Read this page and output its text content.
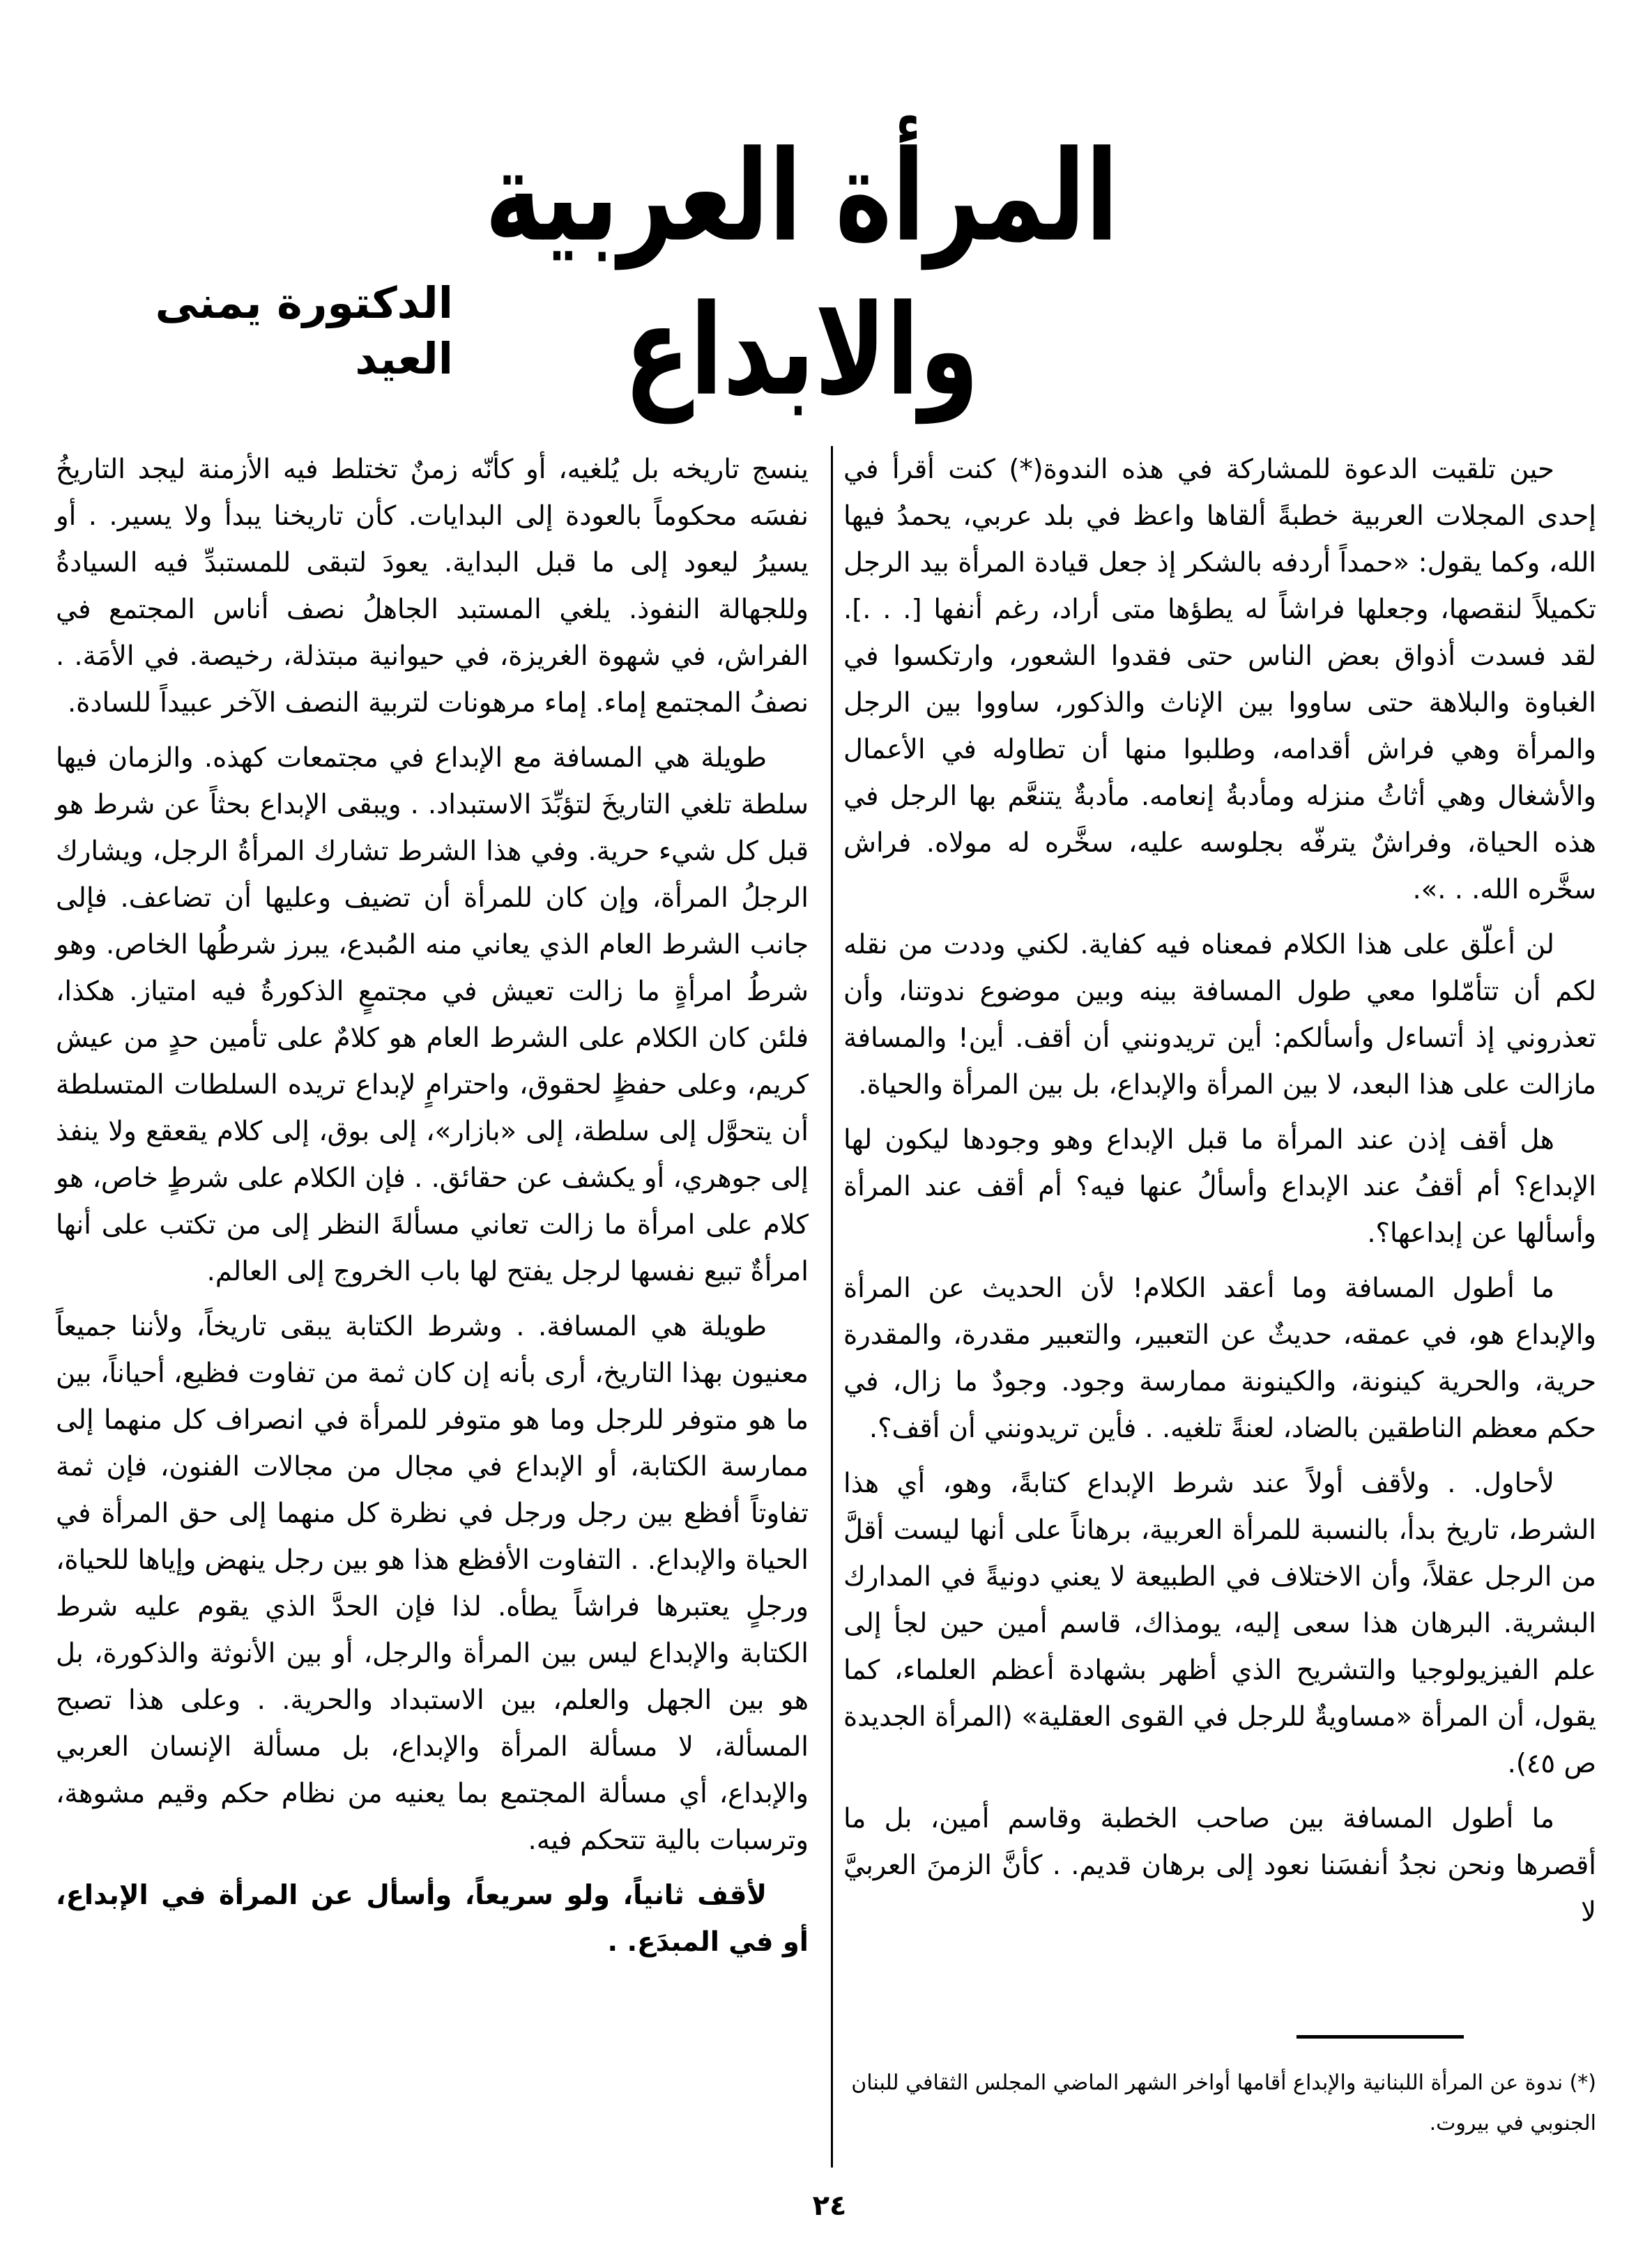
المرأة العربية والابداع
الدكتورة يمنى العيد

حين تلقيت الدعوة للمشاركة في هذه الندوة(*) كنت أقرأ في إحدى المجلات العربية خطبةً ألقاها واعظ في بلد عربي، يحمدُ فيها الله، وكما يقول: «حمداً أردفه بالشكر إذ جعل قيادة المرأة بيد الرجل تكميلاً لنقصها، وجعلها فراشاً له يطؤها متى أراد، رغم أنفها [. . .]. لقد فسدت أذواق بعض الناس حتى فقدوا الشعور، وارتكسوا في الغباوة والبلاهة حتى ساووا بين الإناث والذكور، ساووا بين الرجل والمرأة وهي فراش أقدامه، وطلبوا منها أن تطاوله في الأعمال والأشغال وهي أثاثُ منزله ومأدبةُ إنعامه. مأدبةٌ يتنعَّم بها الرجل في هذه الحياة، وفراشٌ يترفّه بجلوسه عليه، سخَّره له مولاه. فراش سخَّره الله. . .».

لن أعلّق على هذا الكلام فمعناه فيه كفاية. لكني وددت من نقله لكم أن تتأمّلوا معي طول المسافة بينه وبين موضوع ندوتنا، وأن تعذروني إذ أتساءل وأسألكم: أين تريدونني أن أقف. أين! والمسافة مازالت على هذا البعد، لا بين المرأة والإبداع، بل بين المرأة والحياة.

هل أقف إذن عند المرأة ما قبل الإبداع وهو وجودها ليكون لها الإبداع؟ أم أقفُ عند الإبداع وأسألُ عنها فيه؟ أم أقف عند المرأة وأسألها عن إبداعها؟.

ما أطول المسافة وما أعقد الكلام! لأن الحديث عن المرأة والإبداع هو، في عمقه، حديثٌ عن التعبير، والتعبير مقدرة، والمقدرة حرية، والحرية كينونة، والكينونة ممارسة وجود. وجودٌ ما زال، في حكم معظم الناطقين بالضاد، لعنةً تلغيه. . فأين تريدونني أن أقف؟.

لأحاول. . ولأقف أولاً عند شرط الإبداع كتابةً، وهو، أي هذا الشرط، تاريخ بدأ، بالنسبة للمرأة العربية، برهاناً على أنها ليست أقلَّ من الرجل عقلاً، وأن الاختلاف في الطبيعة لا يعني دونيةً في المدارك البشرية. البرهان هذا سعى إليه، يومذاك، قاسم أمين حين لجأ إلى علم الفيزيولوجيا والتشريح الذي أظهر بشهادة أعظم العلماء، كما يقول، أن المرأة «مساويةٌ للرجل في القوى العقلية» (المرأة الجديدة ص ٤٥).

ما أطول المسافة بين صاحب الخطبة وقاسم أمين، بل ما أقصرها ونحن نجدُ أنفسَنا نعود إلى برهان قديم. . كأنَّ الزمنَ العربيَّ لا

ينسج تاريخه بل يُلغيه، أو كأنّه زمنٌ تختلط فيه الأزمنة ليجد التاريخُ نفسَه محكوماً بالعودة إلى البدايات. كأن تاريخنا يبدأ ولا يسير. . أو يسيرُ ليعود إلى ما قبل البداية. يعودَ لتبقى للمستبدِّ فيه السيادةُ وللجهالة النفوذ. يلغي المستبد الجاهلُ نصف أناس المجتمع في الفراش، في شهوة الغريزة، في حيوانية مبتذلة، رخيصة. في الأمَة. . نصفُ المجتمع إماء. إماء مرهونات لتربية النصف الآخر عبيداً للسادة.

طويلة هي المسافة مع الإبداع في مجتمعات كهذه. والزمان فيها سلطة تلغي التاريخَ لتؤبِّدَ الاستبداد. . ويبقى الإبداع بحثاً عن شرط هو قبل كل شيء حرية. وفي هذا الشرط تشارك المرأةُ الرجل، ويشارك الرجلُ المرأة، وإن كان للمرأة أن تضيف وعليها أن تضاعف. فإلى جانب الشرط العام الذي يعاني منه المُبدع، يبرز شرطُها الخاص. وهو شرطُ امرأةٍ ما زالت تعيش في مجتمعٍ الذكورةُ فيه امتياز. هكذا، فلئن كان الكلام على الشرط العام هو كلامٌ على تأمين حدٍ من عيش كريم، وعلى حفظٍ لحقوق، واحترامٍ لإبداع تريده السلطات المتسلطة أن يتحوَّل إلى سلطة، إلى «بازار»، إلى بوق، إلى كلام يقعقع ولا ينفذ إلى جوهري، أو يكشف عن حقائق. . فإن الكلام على شرطٍ خاص، هو كلام على امرأة ما زالت تعاني مسألةَ النظر إلى من تكتب على أنها امرأةٌ تبيع نفسها لرجل يفتح لها باب الخروج إلى العالم.

طويلة هي المسافة. . وشرط الكتابة يبقى تاريخاً، ولأننا جميعاً معنيون بهذا التاريخ، أرى بأنه إن كان ثمة من تفاوت فظيع، أحياناً، بين ما هو متوفر للرجل وما هو متوفر للمرأة في انصراف كل منهما إلى ممارسة الكتابة، أو الإبداع في مجال من مجالات الفنون، فإن ثمة تفاوتاً أفظع بين رجل ورجل في نظرة كل منهما إلى حق المرأة في الحياة والإبداع. . التفاوت الأفظع هذا هو بين رجل ينهض وإياها للحياة، ورجلٍ يعتبرها فراشاً يطأه. لذا فإن الحدَّ الذي يقوم عليه شرط الكتابة والإبداع ليس بين المرأة والرجل، أو بين الأنوثة والذكورة، بل هو بين الجهل والعلم، بين الاستبداد والحرية. . وعلى هذا تصبح المسألة، لا مسألة المرأة والإبداع، بل مسألة الإنسان العربي والإبداع، أي مسألة المجتمع بما يعنيه من نظام حكم وقيم مشوهة، وترسبات بالية تتحكم فيه.

لأقف ثانياً، ولو سريعاً، وأسأل عن المرأة في الإبداع، أو في المبدَع. .

(*) ندوة عن المرأة اللبنانية والإبداع أقامها أواخر الشهر الماضي المجلس الثقافي للبنان الجنوبي في بيروت.
٢٤
